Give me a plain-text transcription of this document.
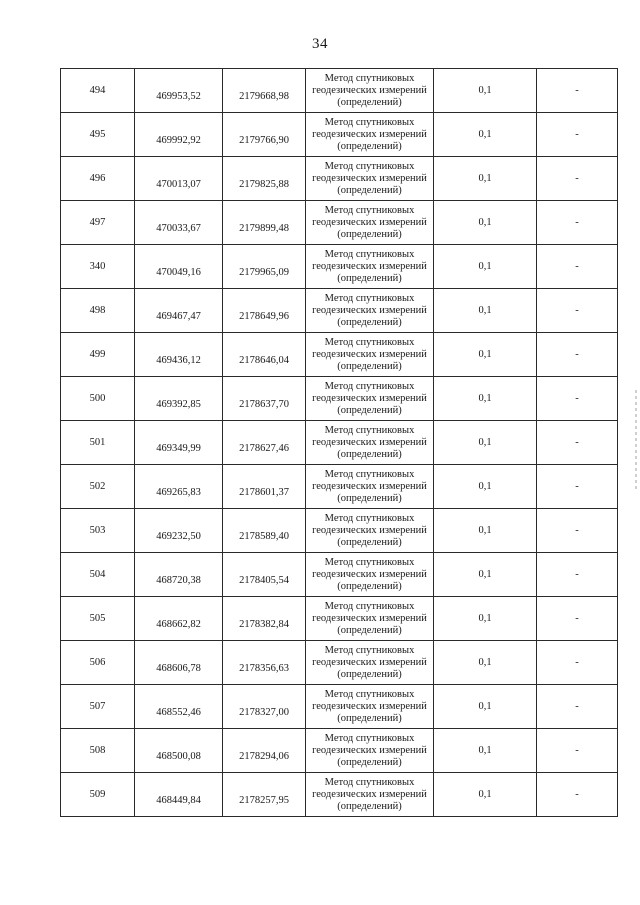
34
494	469953,52	2179668,98	Метод спутниковых
геодезических измерений
(определений)	0,1	-
495	469992,92	2179766,90	Метод спутниковых
геодезических измерений
(определений)	0,1	-
496	470013,07	2179825,88	Метод спутниковых
геодезических измерений
(определений)	0,1	-
497	470033,67	2179899,48	Метод спутниковых
геодезических измерений
(определений)	0,1	-
340	470049,16	2179965,09	Метод спутниковых
геодезических измерений
(определений)	0,1	-
498	469467,47	2178649,96	Метод спутниковых
геодезических измерений
(определений)	0,1	-
499	469436,12	2178646,04	Метод спутниковых
геодезических измерений
(определений)	0,1	-
500	469392,85	2178637,70	Метод спутниковых
геодезических измерений
(определений)	0,1	-
501	469349,99	2178627,46	Метод спутниковых
геодезических измерений
(определений)	0,1	-
502	469265,83	2178601,37	Метод спутниковых
геодезических измерений
(определений)	0,1	-
503	469232,50	2178589,40	Метод спутниковых
геодезических измерений
(определений)	0,1	-
504	468720,38	2178405,54	Метод спутниковых
геодезических измерений
(определений)	0,1	-
505	468662,82	2178382,84	Метод спутниковых
геодезических измерений
(определений)	0,1	-
506	468606,78	2178356,63	Метод спутниковых
геодезических измерений
(определений)	0,1	-
507	468552,46	2178327,00	Метод спутниковых
геодезических измерений
(определений)	0,1	-
508	468500,08	2178294,06	Метод спутниковых
геодезических измерений
(определений)	0,1	-
509	468449,84	2178257,95	Метод спутниковых
геодезических измерений
(определений)	0,1	-
